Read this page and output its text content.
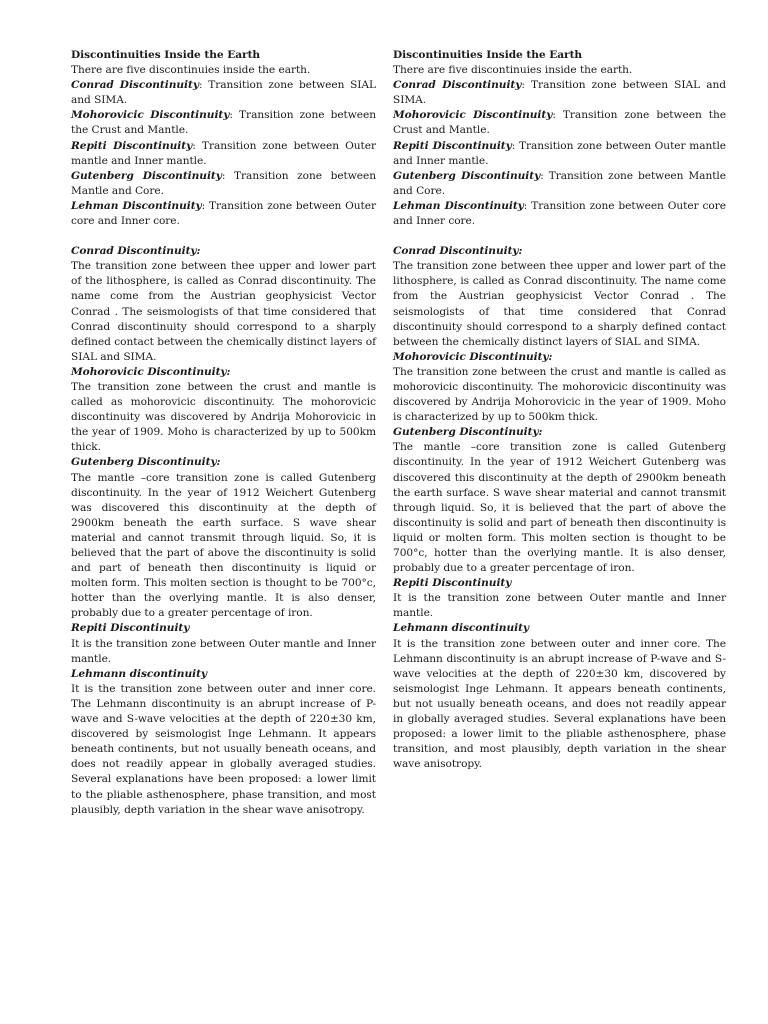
Discontinuities Inside the Earth

There are five discontinuies inside the earth.

Conrad Discontinuity: Transition zone between SIAL and SIMA.

Mohorovicic Discontinuity: Transition zone between the Crust and Mantle.

Repiti Discontinuity: Transition zone between Outer mantle and Inner mantle.

Gutenberg Discontinuity: Transition zone between Mantle and Core.

Lehman Discontinuity: Transition zone between Outer core and Inner core.

Conrad Discontinuity:

The transition zone between thee upper and lower part of the lithosphere, is called as Conrad discontinuity. The name come from the Austrian geophysicist Vector Conrad . The seismologists of that time considered that Conrad discontinuity should correspond to a sharply defined contact between the chemically distinct layers of SIAL and SIMA.

Mohorovicic Discontinuity:

The transition zone between the crust and mantle is called as mohorovicic discontinuity. The mohorovicic discontinuity was discovered by Andrija Mohorovicic in the year of 1909. Moho is characterized by up to 500km thick.

Gutenberg Discontinuity:

The mantle –core transition zone is called Gutenberg discontinuity. In the year of 1912 Weichert Gutenberg was discovered this discontinuity at the depth of 2900km beneath the earth surface. S wave shear material and cannot transmit through liquid. So, it is believed that the part of above the discontinuity is solid and part of beneath then discontinuity is liquid or molten form. This molten section is thought to be 700°c, hotter than the overlying mantle. It is also denser, probably due to a greater percentage of iron.

Repiti Discontinuity

It is the transition zone between Outer mantle and Inner mantle.

Lehmann discontinuity

It is the transition zone between outer and inner core. The Lehmann discontinuity is an abrupt increase of P-wave and S-wave velocities at the depth of 220±30 km, discovered by seismologist Inge Lehmann. It appears beneath continents, but not usually beneath oceans, and does not readily appear in globally averaged studies. Several explanations have been proposed: a lower limit to the pliable asthenosphere, phase transition, and most plausibly, depth variation in the shear wave anisotropy.

Discontinuities Inside the Earth

There are five discontinuies inside the earth.

Conrad Discontinuity: Transition zone between SIAL and SIMA.

Mohorovicic Discontinuity: Transition zone between the Crust and Mantle.

Repiti Discontinuity: Transition zone between Outer mantle and Inner mantle.

Gutenberg Discontinuity: Transition zone between Mantle and Core.

Lehman Discontinuity: Transition zone between Outer core and Inner core.

Conrad Discontinuity:

The transition zone between thee upper and lower part of the lithosphere, is called as Conrad discontinuity. The name come from the Austrian geophysicist Vector Conrad . The seismologists of that time considered that Conrad discontinuity should correspond to a sharply defined contact between the chemically distinct layers of SIAL and SIMA.

Mohorovicic Discontinuity:

The transition zone between the crust and mantle is called as mohorovicic discontinuity. The mohorovicic discontinuity was discovered by Andrija Mohorovicic in the year of 1909. Moho is characterized by up to 500km thick.

Gutenberg Discontinuity:

The mantle –core transition zone is called Gutenberg discontinuity. In the year of 1912 Weichert Gutenberg was discovered this discontinuity at the depth of 2900km beneath the earth surface. S wave shear material and cannot transmit through liquid. So, it is believed that the part of above the discontinuity is solid and part of beneath then discontinuity is liquid or molten form. This molten section is thought to be 700°c, hotter than the overlying mantle. It is also denser, probably due to a greater percentage of iron.

Repiti Discontinuity

It is the transition zone between Outer mantle and Inner mantle.

Lehmann discontinuity

It is the transition zone between outer and inner core. The Lehmann discontinuity is an abrupt increase of P-wave and S-wave velocities at the depth of 220±30 km, discovered by seismologist Inge Lehmann. It appears beneath continents, but not usually beneath oceans, and does not readily appear in globally averaged studies. Several explanations have been proposed: a lower limit to the pliable asthenosphere, phase transition, and most plausibly, depth variation in the shear wave anisotropy.
